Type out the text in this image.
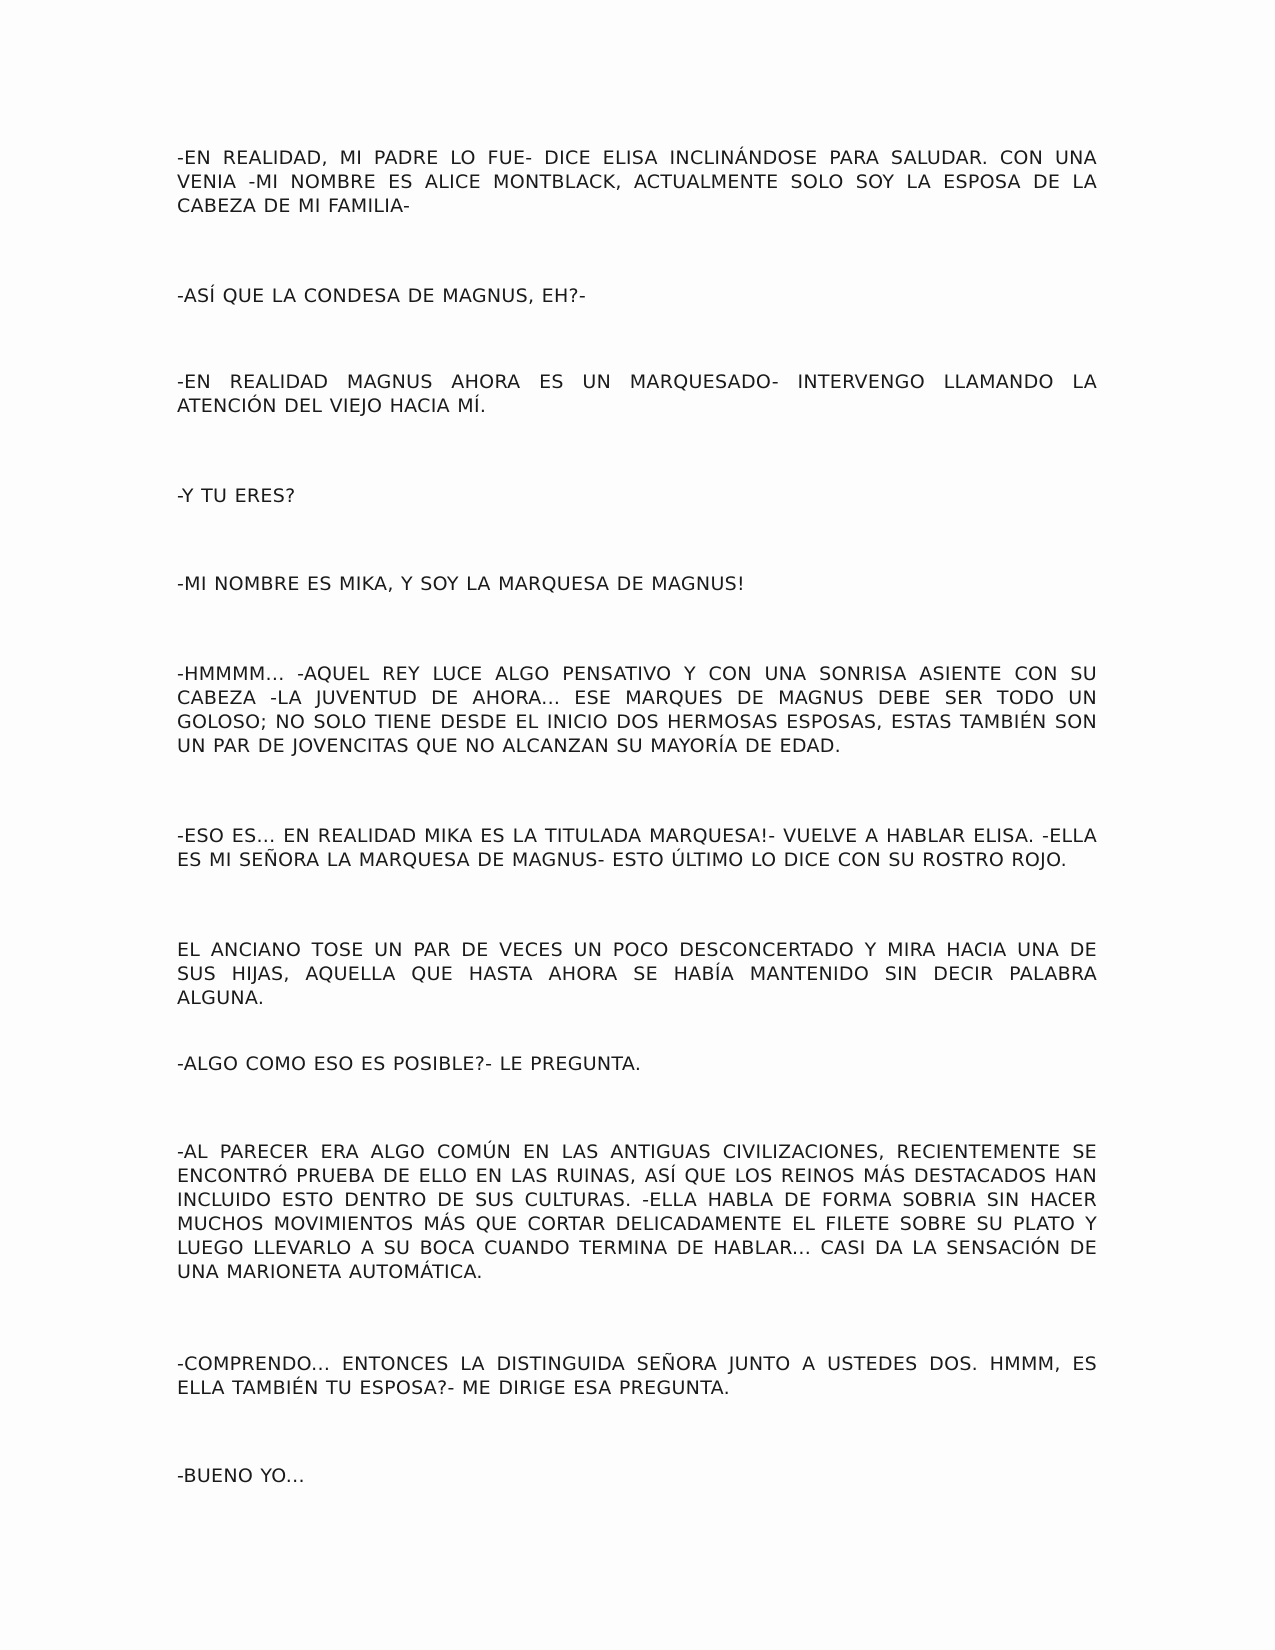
-EN REALIDAD, MI PADRE LO FUE- DICE ELISA INCLINÁNDOSE PARA SALUDAR. CON UNA VENIA -MI NOMBRE ES ALICE MONTBLACK, ACTUALMENTE SOLO SOY LA ESPOSA DE LA CABEZA DE MI FAMILIA-

-ASÍ QUE LA CONDESA DE MAGNUS, EH?-

-EN REALIDAD MAGNUS AHORA ES UN MARQUESADO- INTERVENGO LLAMANDO LA ATENCIÓN DEL VIEJO HACIA MÍ.

-Y TU ERES?

-MI NOMBRE ES MIKA, Y SOY LA MARQUESA DE MAGNUS!

-HMMMM... -AQUEL REY LUCE ALGO PENSATIVO Y CON UNA SONRISA ASIENTE CON SU CABEZA -LA JUVENTUD DE AHORA... ESE MARQUES DE MAGNUS DEBE SER TODO UN GOLOSO; NO SOLO TIENE DESDE EL INICIO DOS HERMOSAS ESPOSAS, ESTAS TAMBIÉN SON UN PAR DE JOVENCITAS QUE NO ALCANZAN SU MAYORÍA DE EDAD.

-ESO ES... EN REALIDAD MIKA ES LA TITULADA MARQUESA!- VUELVE A HABLAR ELISA. -ELLA ES MI SEÑORA LA MARQUESA DE MAGNUS- ESTO ÚLTIMO LO DICE CON SU ROSTRO ROJO.

EL ANCIANO TOSE UN PAR DE VECES UN POCO DESCONCERTADO Y MIRA HACIA UNA DE SUS HIJAS, AQUELLA QUE HASTA AHORA SE HABÍA MANTENIDO SIN DECIR PALABRA ALGUNA.

-ALGO COMO ESO ES POSIBLE?- LE PREGUNTA.

-AL PARECER ERA ALGO COMÚN EN LAS ANTIGUAS CIVILIZACIONES, RECIENTEMENTE SE ENCONTRÓ PRUEBA DE ELLO EN LAS RUINAS, ASÍ QUE LOS REINOS MÁS DESTACADOS HAN INCLUIDO ESTO DENTRO DE SUS CULTURAS. -ELLA HABLA DE FORMA SOBRIA SIN HACER MUCHOS MOVIMIENTOS MÁS QUE CORTAR DELICADAMENTE EL FILETE SOBRE SU PLATO Y LUEGO LLEVARLO A SU BOCA CUANDO TERMINA DE HABLAR... CASI DA LA SENSACIÓN DE UNA MARIONETA AUTOMÁTICA.

-COMPRENDO... ENTONCES LA DISTINGUIDA SEÑORA JUNTO A USTEDES DOS. HMMM, ES ELLA TAMBIÉN TU ESPOSA?- ME DIRIGE ESA PREGUNTA.

-BUENO YO...
